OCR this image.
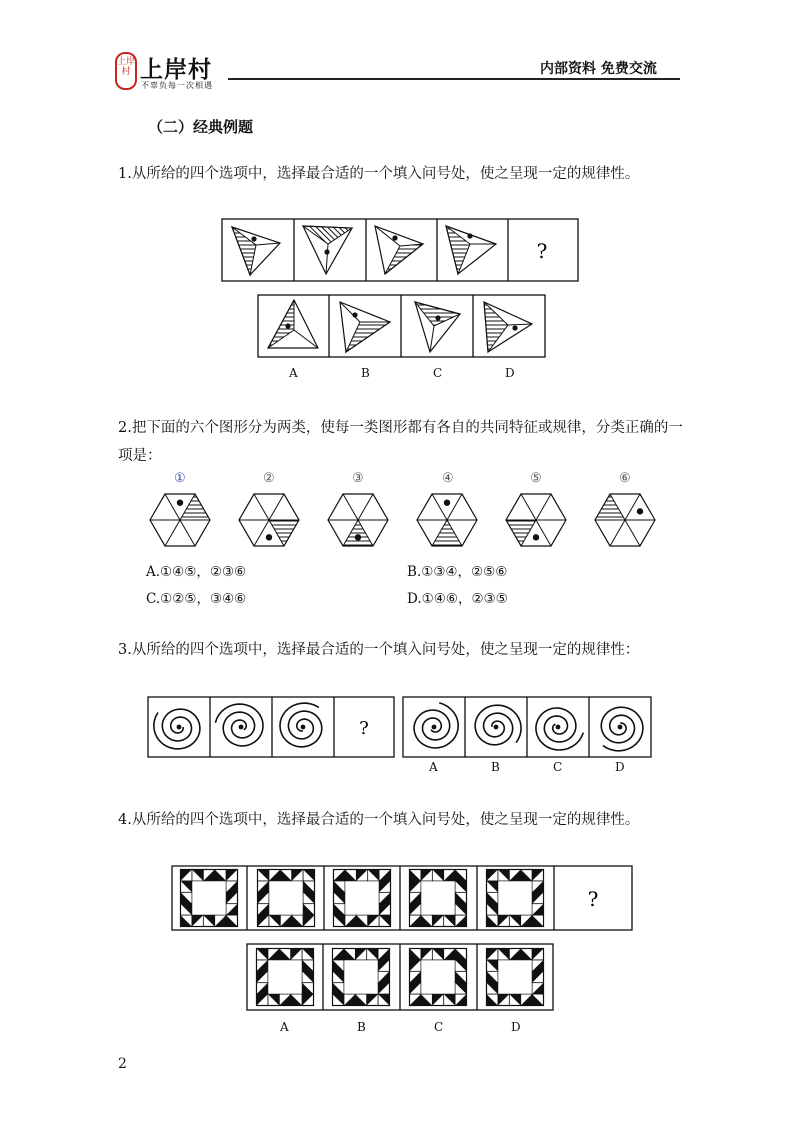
上岸村 上岸村
不辜负每一次相遇
内部资料 免费交流
（二）经典例题
1.从所给的四个选项中，选择最合适的一个填入问号处，使之呈现一定的规律性。
?
?
?
A	B	C	D
2.把下面的六个图形分为两类，使每一类图形都有各自的共同特征或规律，分类正确的一项是：
①	②	③	④	⑤	⑥
A.①④⑤，②③⑥	B.①③④，②⑤⑥
C.①②⑤，③④⑥	D.①④⑥，②③⑤
3.从所给的四个选项中，选择最合适的一个填入问号处，使之呈现一定的规律性：
A	B	C	D
4.从所给的四个选项中，选择最合适的一个填入问号处，使之呈现一定的规律性。
A	B	C	D
2
